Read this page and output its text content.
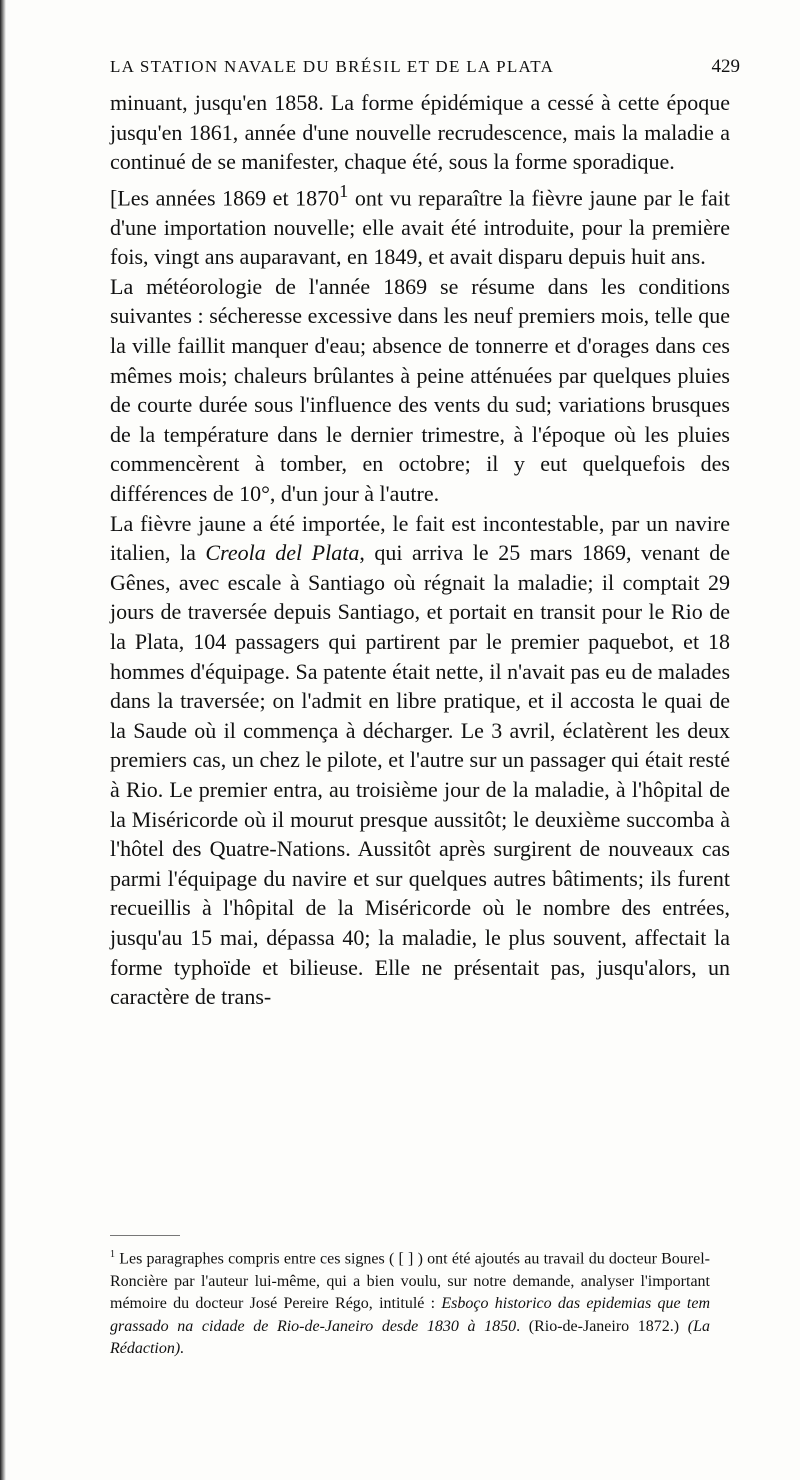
LA STATION NAVALE DU BRÉSIL ET DE LA PLATA	429

minuant, jusqu'en 1858. La forme épidémique a cessé à cette époque jusqu'en 1861, année d'une nouvelle recrudescence, mais la maladie a continué de se manifester, chaque été, sous la forme sporadique.

[Les années 1869 et 1870$^1$ ont vu reparaître la fièvre jaune par le fait d'une importation nouvelle; elle avait été introduite, pour la première fois, vingt ans auparavant, en 1849, et avait disparu depuis huit ans.

La météorologie de l'année 1869 se résume dans les conditions suivantes : sécheresse excessive dans les neuf premiers mois, telle que la ville faillit manquer d'eau; absence de tonnerre et d'orages dans ces mêmes mois; chaleurs brûlantes à peine atténuées par quelques pluies de courte durée sous l'influence des vents du sud; variations brusques de la température dans le dernier trimestre, à l'époque où les pluies commencèrent à tomber, en octobre; il y eut quelquefois des différences de 10°, d'un jour à l'autre.

La fièvre jaune a été importée, le fait est incontestable, par un navire italien, la Creola del Plata, qui arriva le 25 mars 1869, venant de Gênes, avec escale à Santiago où régnait la maladie; il comptait 29 jours de traversée depuis Santiago, et portait en transit pour le Rio de la Plata, 104 passagers qui partirent par le premier paquebot, et 18 hommes d'équipage. Sa patente était nette, il n'avait pas eu de malades dans la traversée; on l'admit en libre pratique, et il accosta le quai de la Saude où il commença à décharger. Le 3 avril, éclatèrent les deux premiers cas, un chez le pilote, et l'autre sur un passager qui était resté à Rio. Le premier entra, au troisième jour de la maladie, à l'hôpital de la Miséricorde où il mourut presque aussitôt; le deuxième succomba à l'hôtel des Quatre-Nations. Aussitôt après surgirent de nouveaux cas parmi l'équipage du navire et sur quelques autres bâtiments; ils furent recueillis à l'hôpital de la Miséricorde où le nombre des entrées, jusqu'au 15 mai, dépassa 40; la maladie, le plus souvent, affectait la forme typhoïde et bilieuse. Elle ne présentait pas, jusqu'alors, un caractère de trans-

$^1$ Les paragraphes compris entre ces signes ( [ ] ) ont été ajoutés au travail du docteur Bourel-Roncière par l'auteur lui-même, qui a bien voulu, sur notre demande, analyser l'important mémoire du docteur José Pereire Régo, intitulé : Esboço historico das epidemias que tem grassado na cidade de Rio-de-Janeiro desde 1830 à 1850. (Rio-de-Janeiro 1872.) (La Rédaction).
